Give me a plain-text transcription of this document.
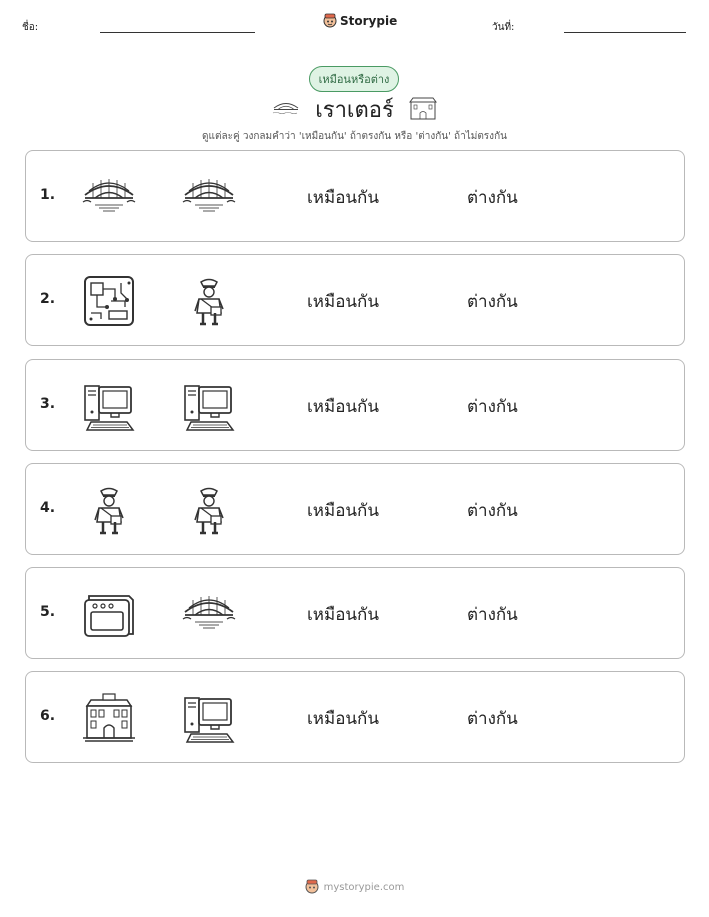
ชื่อ:	Storypie	วันที่:
เหมือนหรือต่าง
เราเตอร์
ดูแต่ละคู่ วงกลมคำว่า 'เหมือนกัน' ถ้าตรงกัน หรือ 'ต่างกัน' ถ้าไม่ตรงกัน
1.	เหมือนกัน	ต่างกัน
2.	เหมือนกัน	ต่างกัน
3.	เหมือนกัน	ต่างกัน
4.	เหมือนกัน	ต่างกัน
5.	เหมือนกัน	ต่างกัน
6.	เหมือนกัน	ต่างกัน
mystorypie.com
